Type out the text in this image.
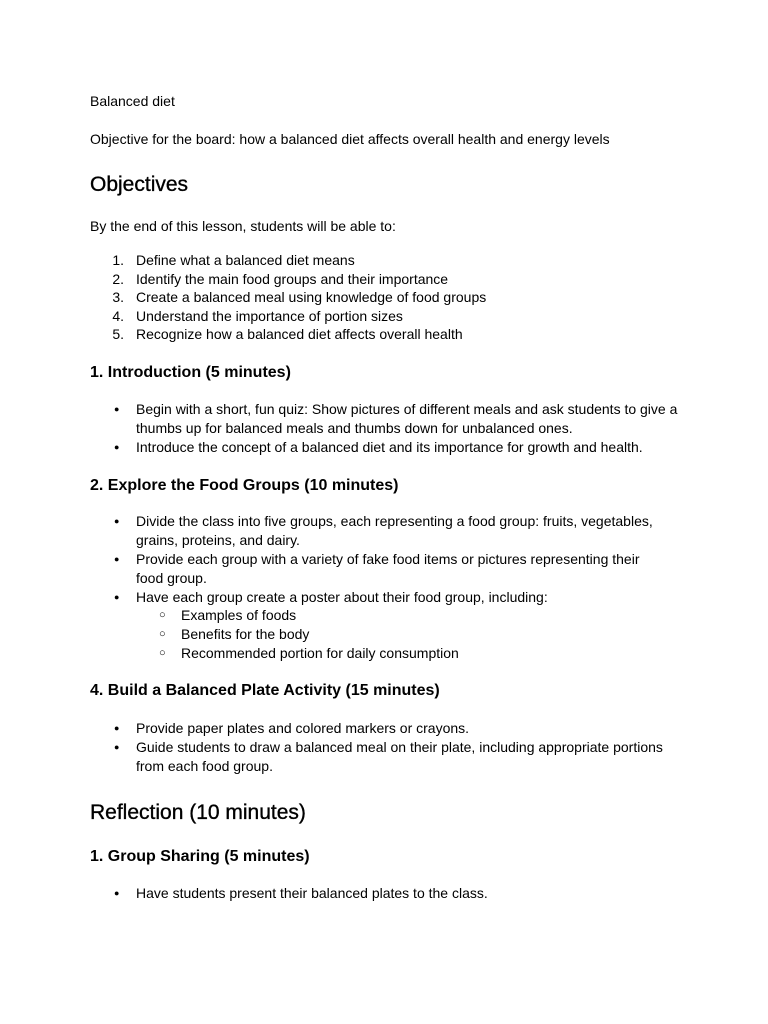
Balanced diet

Objective for the board: how a balanced diet affects overall health and energy levels

Objectives

By the end of this lesson, students will be able to:

1. Define what a balanced diet means
2. Identify the main food groups and their importance
3. Create a balanced meal using knowledge of food groups
4. Understand the importance of portion sizes
5. Recognize how a balanced diet affects overall health
1. Introduction (5 minutes)
● Begin with a short, fun quiz: Show pictures of different meals and ask students to give a thumbs up for balanced meals and thumbs down for unbalanced ones.
● Introduce the concept of a balanced diet and its importance for growth and health.
2. Explore the Food Groups (10 minutes)
● Divide the class into five groups, each representing a food group: fruits, vegetables, grains, proteins, and dairy.
● Provide each group with a variety of fake food items or pictures representing their food group.
● Have each group create a poster about their food group, including:
○ Examples of foods
○ Benefits for the body
○ Recommended portion for daily consumption
4. Build a Balanced Plate Activity (15 minutes)
● Provide paper plates and colored markers or crayons.
● Guide students to draw a balanced meal on their plate, including appropriate portions from each food group.
Reflection (10 minutes)
1. Group Sharing (5 minutes)
● Have students present their balanced plates to the class.
